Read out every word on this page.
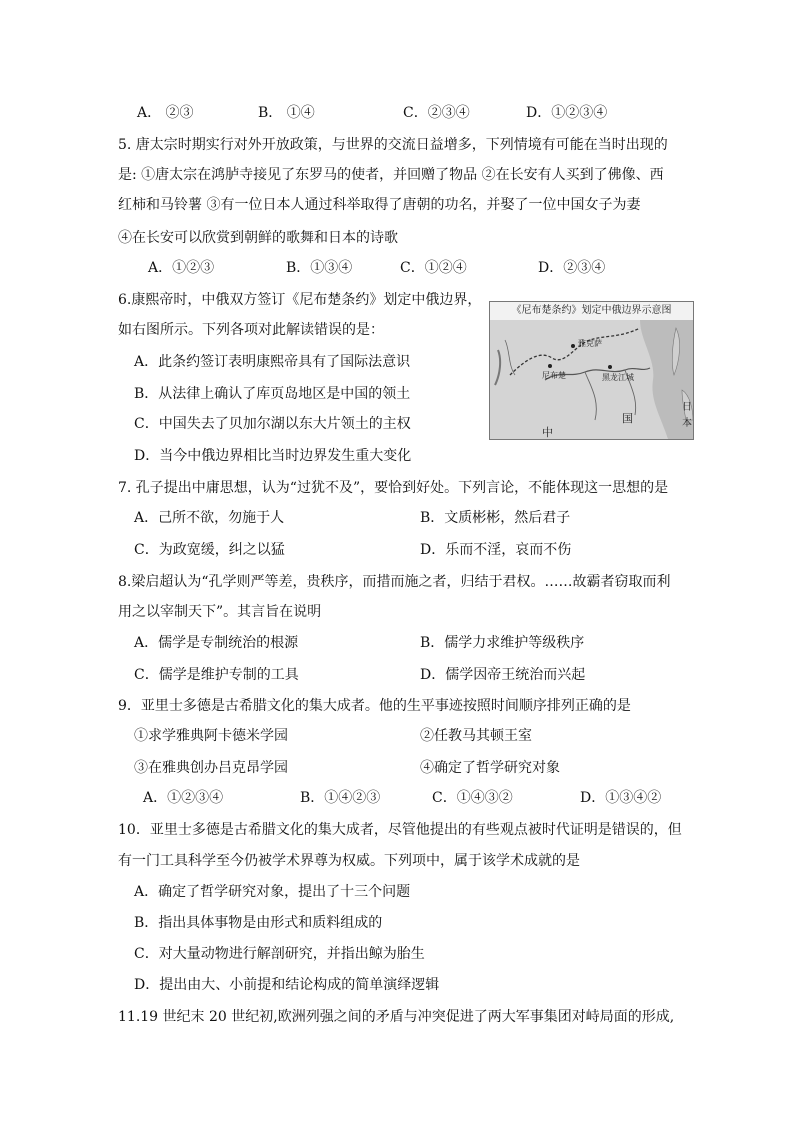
A． ②③	B． ①④	C．②③④	D．①②③④
5. 唐太宗时期实行对外开放政策，与世界的交流日益增多，下列情境有可能在当时出现的
是: ①唐太宗在鸿胪寺接见了东罗马的使者，并回赠了物品 ②在长安有人买到了佛像、西
红柿和马铃薯 ③有一位日本人通过科举取得了唐朝的功名，并娶了一位中国女子为妻
④在长安可以欣赏到朝鲜的歌舞和日本的诗歌
A．①②③	B．①③④	C．①②④	D．②③④
6.康熙帝时，中俄双方签订《尼布楚条约》划定中俄边界，
如右图所示。下列各项对此解读错误的是：
A．此条约签订表明康熙帝具有了国际法意识
B．从法律上确认了库页岛地区是中国的领土
C．中国失去了贝加尔湖以东大片领土的主权
D．当今中俄边界相比当时边界发生重大变化
《尼布楚条约》划定中俄边界示意图
雅克萨
尼布楚	黑龙江城
中
国
日
本
7. 孔子提出中庸思想，认为“过犹不及”，要恰到好处。下列言论，不能体现这一思想的是
A．己所不欲，勿施于人	B．文质彬彬，然后君子
C．为政宽缓，纠之以猛	D．乐而不淫，哀而不伤
8.梁启超认为“孔学则严等差，贵秩序，而措而施之者，归结于君权。……故霸者窃取而利
用之以宰制天下”。其言旨在说明
A．儒学是专制统治的根源	B．儒学力求维护等级秩序
C．儒学是维护专制的工具	D．儒学因帝王统治而兴起
9．亚里士多德是古希腊文化的集大成者。他的生平事迹按照时间顺序排列正确的是
①求学雅典阿卡德米学园	②任教马其顿王室
③在雅典创办吕克昂学园	④确定了哲学研究对象
A．①②③④	B．①④②③	C．①④③②	D．①③④②
10．亚里士多德是古希腊文化的集大成者，尽管他提出的有些观点被时代证明是错误的，但
有一门工具科学至今仍被学术界尊为权威。下列项中，属于该学术成就的是
A．确定了哲学研究对象，提出了十三个问题
B．指出具体事物是由形式和质料组成的
C．对大量动物进行解剖研究，并指出鲸为胎生
D．提出由大、小前提和结论构成的简单演绎逻辑
11.19 世纪末 20 世纪初,欧洲列强之间的矛盾与冲突促进了两大军事集团对峙局面的形成,
